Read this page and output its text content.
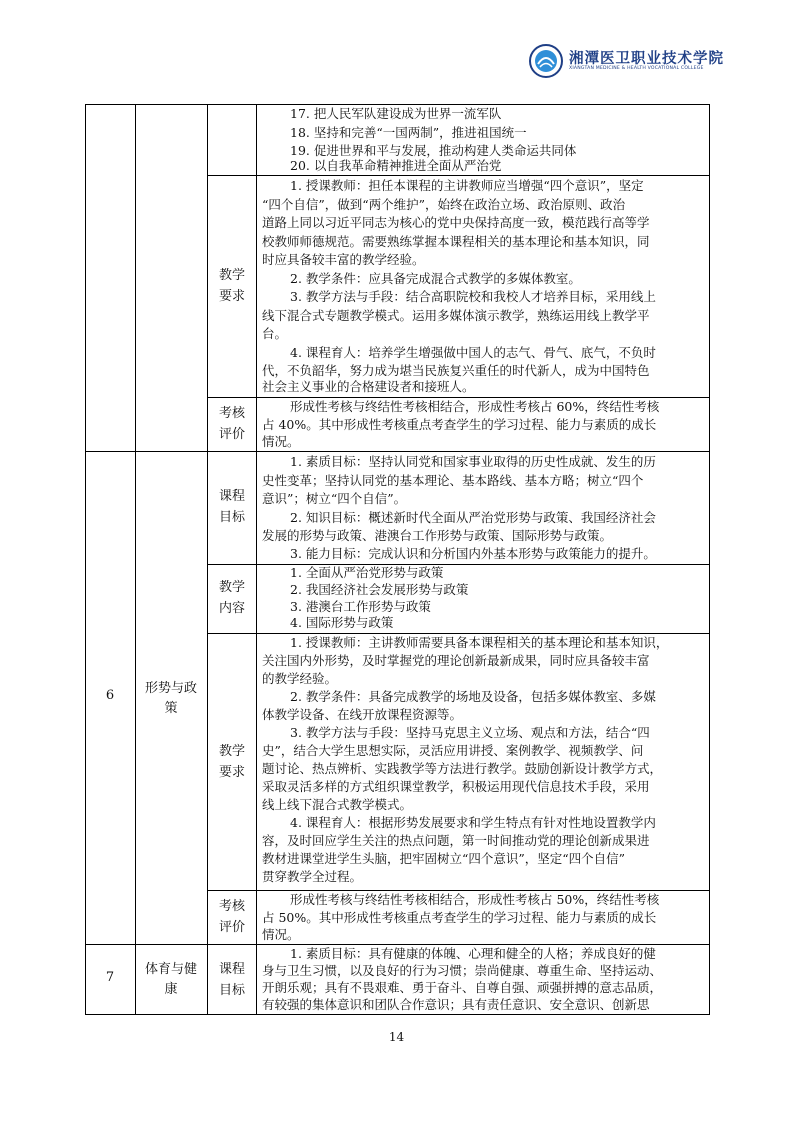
湘潭医卫职业技术学院
XIANGTAN MEDICINE & HEALTH VOCATIONAL COLLEGE
17. 把人民军队建设成为世界一流军队
18. 坚持和完善“一国两制”，推进祖国统一
19. 促进世界和平与发展，推动构建人类命运共同体
20. 以自我革命精神推进全面从严治党
教学
要求
1. 授课教师：担任本课程的主讲教师应当增强“四个意识”，坚定
“四个自信”，做到“两个维护”，始终在政治立场、政治原则、政治
道路上同以习近平同志为核心的党中央保持高度一致，模范践行高等学
校教师师德规范。需要熟练掌握本课程相关的基本理论和基本知识，同
时应具备较丰富的教学经验。
2. 教学条件：应具备完成混合式教学的多媒体教室。
3. 教学方法与手段：结合高职院校和我校人才培养目标，采用线上
线下混合式专题教学模式。运用多媒体演示教学，熟练运用线上教学平
台。
4. 课程育人：培养学生增强做中国人的志气、骨气、底气，不负时
代，不负韶华，努力成为堪当民族复兴重任的时代新人，成为中国特色
社会主义事业的合格建设者和接班人。
考核
评价
形成性考核与终结性考核相结合，形成性考核占 60%，终结性考核
占 40%。其中形成性考核重点考查学生的学习过程、能力与素质的成长
情况。
6	形势与政
策
课程
目标
1. 素质目标：坚持认同党和国家事业取得的历史性成就、发生的历
史性变革；坚持认同党的基本理论、基本路线、基本方略；树立“四个
意识”；树立“四个自信”。
2. 知识目标：概述新时代全面从严治党形势与政策、我国经济社会
发展的形势与政策、港澳台工作形势与政策、国际形势与政策。
3. 能力目标：完成认识和分析国内外基本形势与政策能力的提升。
教学
内容
1. 全面从严治党形势与政策
2. 我国经济社会发展形势与政策
3. 港澳台工作形势与政策
4. 国际形势与政策
教学
要求
1. 授课教师：主讲教师需要具备本课程相关的基本理论和基本知识，
关注国内外形势，及时掌握党的理论创新最新成果，同时应具备较丰富
的教学经验。
2. 教学条件：具备完成教学的场地及设备，包括多媒体教室、多媒
体教学设备、在线开放课程资源等。
3. 教学方法与手段：坚持马克思主义立场、观点和方法，结合“四
史”，结合大学生思想实际，灵活应用讲授、案例教学、视频教学、问
题讨论、热点辨析、实践教学等方法进行教学。鼓励创新设计教学方式，
采取灵活多样的方式组织课堂教学，积极运用现代信息技术手段，采用
线上线下混合式教学模式。
4. 课程育人：根据形势发展要求和学生特点有针对性地设置教学内
容，及时回应学生关注的热点问题，第一时间推动党的理论创新成果进
教材进课堂进学生头脑，把牢固树立“四个意识”，坚定“四个自信”
贯穿教学全过程。
考核
评价
形成性考核与终结性考核相结合，形成性考核占 50%，终结性考核
占 50%。其中形成性考核重点考查学生的学习过程、能力与素质的成长
情况。
7
体育与健
康
课程
目标
1. 素质目标：具有健康的体魄、心理和健全的人格；养成良好的健
身与卫生习惯，以及良好的行为习惯；崇尚健康、尊重生命、坚持运动、
开朗乐观；具有不畏艰难、勇于奋斗、自尊自强、顽强拼搏的意志品质，
有较强的集体意识和团队合作意识；具有责任意识、安全意识、创新思
14
